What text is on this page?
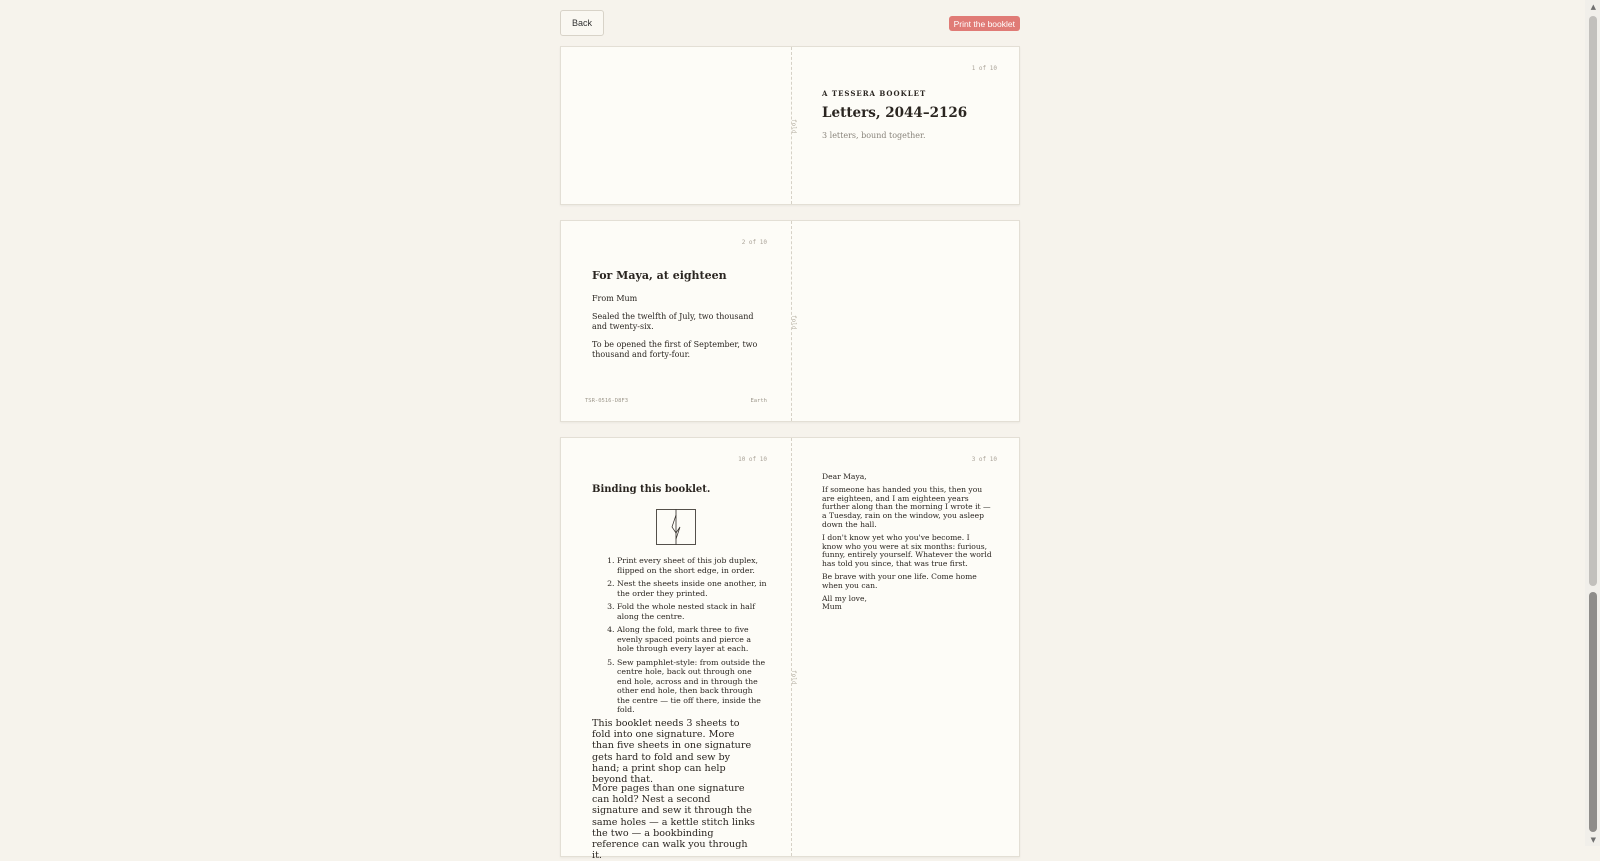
Back	Print the booklet
fold
1 of 10
A TESSERA BOOKLET
Letters, 2044–2126
3 letters, bound together.
2 of 10
For Maya, at eighteen
From Mum
Sealed the twelfth of July, two thousand and twenty-six.
To be opened the first of September, two thousand and forty-four.
TSR-0516-D8F3	Earth
fold
10 of 10
Binding this booklet.
1. Print every sheet of this job duplex, flipped on the short edge, in order.
2. Nest the sheets inside one another, in the order they printed.
3. Fold the whole nested stack in half along the centre.
4. Along the fold, mark three to five evenly spaced points and pierce a hole through every layer at each.
5. Sew pamphlet-style: from outside the centre hole, back out through one end hole, across and in through the other end hole, then back through the centre — tie off there, inside the fold.
This booklet needs 3 sheets to fold into one signature. More than five sheets in one signature gets hard to fold and sew by hand; a print shop can help beyond that.
More pages than one signature can hold? Nest a second signature and sew it through the same holes — a kettle stitch links the two — a bookbinding reference can walk you through it.
fold
3 of 10

Dear Maya,

If someone has handed you this, then you are eighteen, and I am eighteen years further along than the morning I wrote it — a Tuesday, rain on the window, you asleep down the hall.

I don't know yet who you've become. I know who you were at six months: furious, funny, entirely yourself. Whatever the world has told you since, that was true first.

Be brave with your one life. Come home when you can.

All my love,
Mum
▲
▼
